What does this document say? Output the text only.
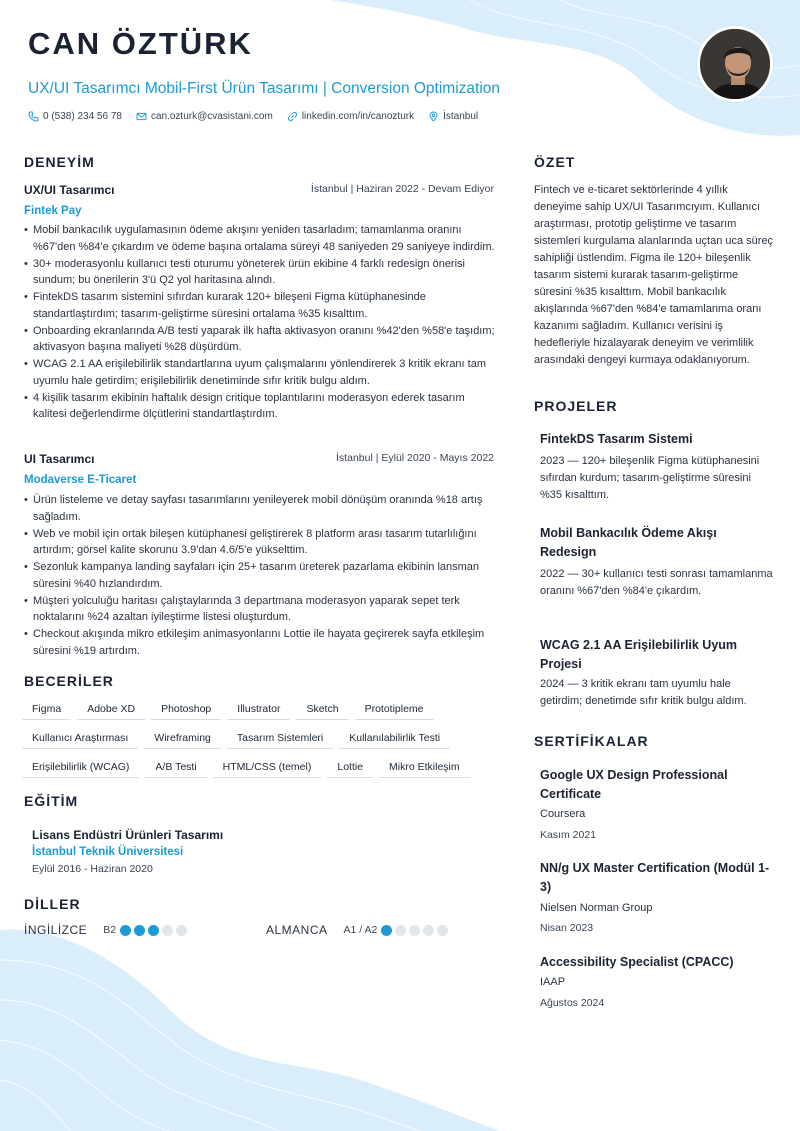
CAN ÖZTÜRK
UX/UI Tasarımcı Mobil-First Ürün Tasarımı | Conversion Optimization
0 (538) 234 56 78	can.ozturk@cvasistani.com	linkedin.com/in/canozturk	İstanbul
DENEYİM
UX/UI Tasarımcı	İstanbul | Haziran 2022 - Devam Ediyor
Fintek Pay
• Mobil bankacılık uygulamasının ödeme akışını yeniden tasarladım; tamamlanma oranını %67'den %84'e çıkardım ve ödeme başına ortalama süreyi 48 saniyeden 29 saniyeye indirdim.
• 30+ moderasyonlu kullanıcı testi oturumu yöneterek ürün ekibine 4 farklı redesign önerisi sundum; bu önerilerin 3'ü Q2 yol haritasına alındı.
• FintekDS tasarım sistemini sıfırdan kurarak 120+ bileşeni Figma kütüphanesinde standartlaştırdım; tasarım-geliştirme süresini ortalama %35 kısalttım.
• Onboarding ekranlarında A/B testi yaparak ilk hafta aktivasyon oranını %42'den %58'e taşıdım; aktivasyon başına maliyeti %28 düşürdüm.
• WCAG 2.1 AA erişilebilirlik standartlarına uyum çalışmalarını yönlendirerek 3 kritik ekranı tam uyumlu hale getirdim; erişilebilirlik denetiminde sıfır kritik bulgu aldım.
• 4 kişilik tasarım ekibinin haftalık design critique toplantılarını moderasyon ederek tasarım kalitesi değerlendirme ölçütlerini standartlaştırdım.
UI Tasarımcı	İstanbul | Eylül 2020 - Mayıs 2022
Modaverse E-Ticaret
• Ürün listeleme ve detay sayfası tasarımlarını yenileyerek mobil dönüşüm oranında %18 artış sağladım.
• Web ve mobil için ortak bileşen kütüphanesi geliştirerek 8 platform arası tasarım tutarlılığını artırdım; görsel kalite skorunu 3.9'dan 4.6/5'e yükselttim.
• Sezonluk kampanya landing sayfaları için 25+ tasarım üreterek pazarlama ekibinin lansman süresini %40 hızlandırdım.
• Müşteri yolculuğu haritası çalıştaylarında 3 departmana moderasyon yaparak sepet terk noktalarını %24 azaltan iyileştirme listesi oluşturdum.
• Checkout akışında mikro etkileşim animasyonlarını Lottie ile hayata geçirerek sayfa etkileşim süresini %19 artırdım.
BECERİLER
Figma	Adobe XD	Photoshop	Illustrator	Sketch	Prototipleme
Kullanıcı Araştırması	Wireframing	Tasarım Sistemleri	Kullanılabilirlik Testi
Erişilebilirlik (WCAG)	A/B Testi	HTML/CSS (temel)	Lottie	Mikro Etkileşim
EĞİTİM
Lisans Endüstri Ürünleri Tasarımı
İstanbul Teknik Üniversitesi
Eylül 2016 - Haziran 2020
DİLLER
İNGİLİZCE B2	ALMANCA A1 / A2
ÖZET
Fintech ve e-ticaret sektörlerinde 4 yıllık deneyime sahip UX/UI Tasarımcıyım. Kullanıcı araştırması, prototip geliştirme ve tasarım sistemleri kurgulama alanlarında uçtan uca süreç sahipliği üstlendim. Figma ile 120+ bileşenlik tasarım sistemi kurarak tasarım-geliştirme süresini %35 kısalttım. Mobil bankacılık akışlarında %67'den %84'e tamamlanma oranı kazanımı sağladım. Kullanıcı verisini iş hedefleriyle hizalayarak deneyim ve verimlilik arasındaki dengeyi kurmaya odaklanıyorum.
PROJELER
FintekDS Tasarım Sistemi
2023 — 120+ bileşenlik Figma kütüphanesini sıfırdan kurdum; tasarım-geliştirme süresini %35 kısalttım.
Mobil Bankacılık Ödeme Akışı Redesign
2022 — 30+ kullanıcı testi sonrası tamamlanma oranını %67'den %84'e çıkardım.
WCAG 2.1 AA Erişilebilirlik Uyum Projesi
2024 — 3 kritik ekranı tam uyumlu hale getirdim; denetimde sıfır kritik bulgu aldım.
SERTİFİKALAR
Google UX Design Professional Certificate
Coursera
Kasım 2021
NN/g UX Master Certification (Modül 1-3)
Nielsen Norman Group
Nisan 2023
Accessibility Specialist (CPACC)
IAAP
Ağustos 2024
